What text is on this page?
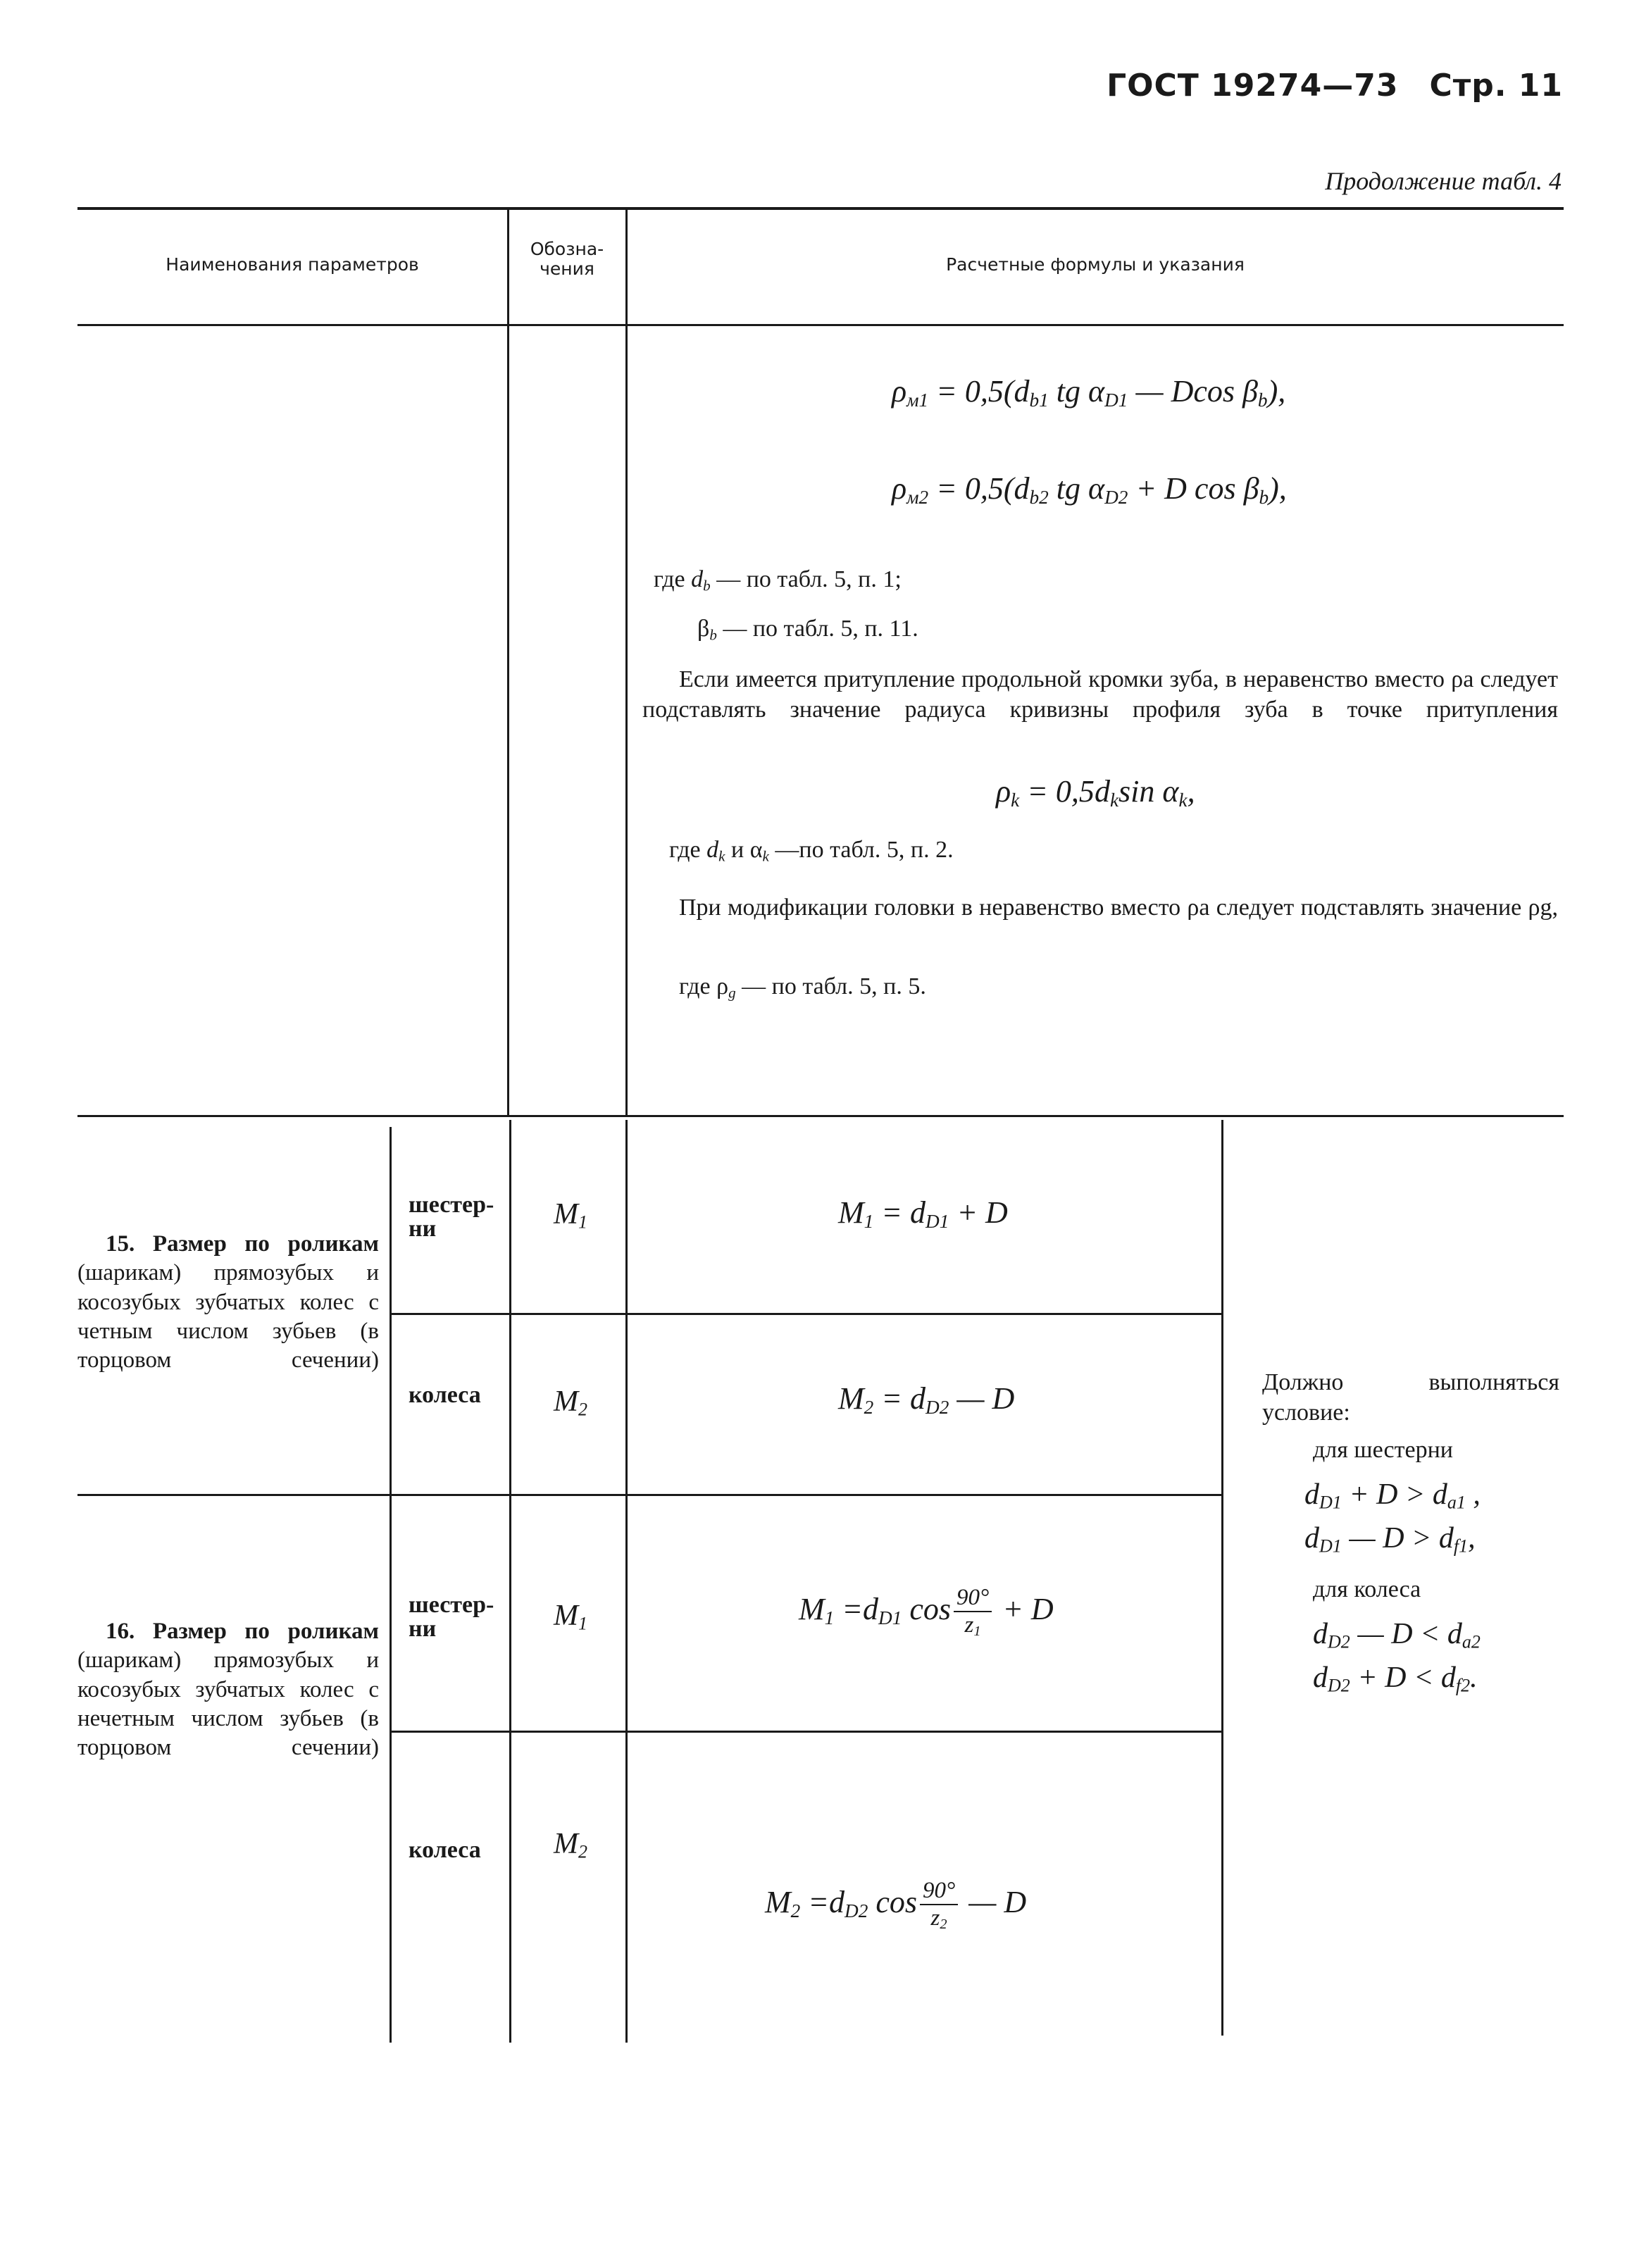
ГОСТ 19274—73 Стр. 11
Продолжение табл. 4
Наименования параметров
Обозна-
чения	Расчетные формулы и указания
ρм1 = 0,5(db1 tg αD1 — Dcos βb),
ρм2 = 0,5(db2 tg αD2 + D cos βb),
где db — по табл. 5, п. 1;
βb — по табл. 5, п. 11.
Если имеется притупление продольной кромки зуба, в неравенство вместо ρa следует подставлять значение радиуса кривизны профиля зуба в точке притупления
ρk = 0,5dksin αk,
где dk и αk —по табл. 5, п. 2.
При модификации головки в неравенство вместо ρa следует подставлять значение ρg,
где ρg — по табл. 5, п. 5.
15. Размер по роликам (шарикам) прямозубых и косозубых зубчатых колес с четным числом зубьев (в торцовом сечении)
шестер-
ни
колеса
M1
M2
M1 = dD1 + D
M2 = dD2 — D
16. Размер по роликам (шарикам) прямозубых и косозубых зубчатых колес с нечетным числом зубьев (в торцовом сечении)
шестер-
ни
колеса
M1
M2
M1 =dD1 $\cos \frac{90^\circ}{z1} + D$
M2 =dD2 $\cos \frac{90^\circ}{z2}$ — D
Должно выполняться условие:
для шестерни
dD1 + D > da1 ,
dD1 — D > df1,
для колеса
dD2 — D < da2
dD2 + D < df2.
